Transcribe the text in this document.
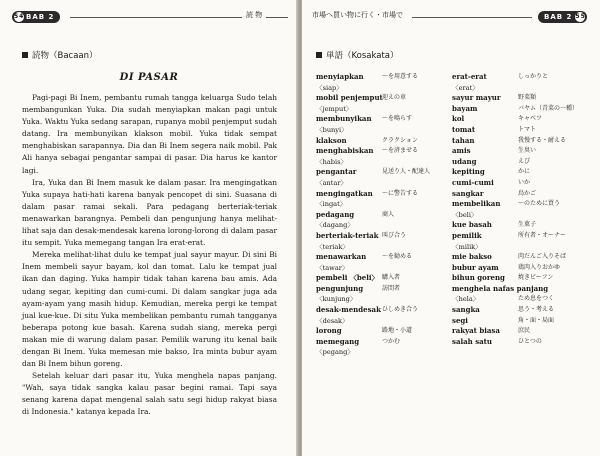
54 BAB 2	読 物
読物（Bacaan）
DI PASAR

Pagi-pagi Bi Inem, pembantu rumah tangga keluarga Sudo telah membangunkan Yuka. Dia sudah menyiapkan makan pagi untuk Yuka. Waktu Yuka sedang sarapan, rupanya mobil penjemput sudah datang. Ira membunyikan klakson mobil. Yuka tidak sempat menghabiskan sarapannya. Dia dan Bi Inem segera naik mobil. Pak Ali hanya sebagai pengantar sampai di pasar. Dia harus ke kantor lagi.

Ira, Yuka dan Bi Inem masuk ke dalam pasar. Ira mengingatkan Yuka supaya hati-hati karena banyak pencopet di sini. Suasana di dalam pasar ramai sekali. Para pedagang berteriak-teriak menawarkan barangnya. Pembeli dan pengunjung hanya melihat-lihat saja dan desak-mendesak karena lorong-lorong di dalam pasar itu sempit. Yuka memegang tangan Ira erat-erat.

Mereka melihat-lihat dulu ke tempat jual sayur mayur. Di sini Bi Inem membeli sayur bayam, kol dan tomat. Lalu ke tempat jual ikan dan daging. Yuka hampir tidak tahan karena bau amis. Ada udang segar, kepiting dan cumi-cumi. Di dalam sangkar juga ada ayam-ayam yang masih hidup. Kemudian, mereka pergi ke tempat jual kue-kue. Di situ Yuka membelikan pembantu rumah tangganya beberapa potong kue basah. Karena sudah siang, mereka pergi makan mie di warung dalam pasar. Pemilik warung itu kenal baik dengan Bi Inem. Yuka memesan mie bakso, Ira minta bubur ayam dan Bi Inem bihun goreng.

Setelah keluar dari pasar itu, Yuka menghela napas panjang. "Wah, saya tidak sangka kalau pasar begini ramai. Tapi saya senang karena dapat mengenal salah satu segi hidup rakyat biasa di Indonesia." katanya kepada Ira.

市場へ買い物に行く・市場で	BAB 2 55
単語（Kosakata）
menyiapkan	～を用意する
〈siap〉
mobil penjemput 迎えの車
〈jemput〉
membunyikan ～を鳴らす
〈bunyi〉
klakson	クラクション
menghabiskan ～を済ませる
〈habis〉
pengantar	見送り人・配達人
〈antar〉
mengingatkan ～に警告する
〈ingat〉
pedagang	商人
〈dagang〉
berteriak-teriak 叫び合う
〈teriak〉
menawarkan	～を勧める
〈tawar〉
pembeli 〈beli〉 購入者
pengunjung	訪問者
〈kunjung〉
desak-mendesak ひしめき合う
〈desak〉
lorong	路地・小道
memegang	つかむ
〈pegang〉
erat-erat	しっかりと
〈erat〉
sayur mayur	野菜類
bayam	バヤム（青菜の一種）
kol	キャベツ
tomat	トマト
tahan	我慢する・耐える
amis	生臭い
udang	えび
kepiting	かに
cumi-cumi	いか
sangkar	鳥かご
membelikan	～のために買う
〈beli〉
kue basah	生菓子
pemilik	所有者・オーナー
〈milik〉
mie bakso	肉だんご入りそば
bubur ayam	鶏肉入りおかゆ
bihun goreng 焼きビーフン
menghela nafas panjang
〈hela〉	ため息をつく
sangka	思う・考える
segi	角・面・局面
rakyat biasa	庶民
salah satu	ひとつの
